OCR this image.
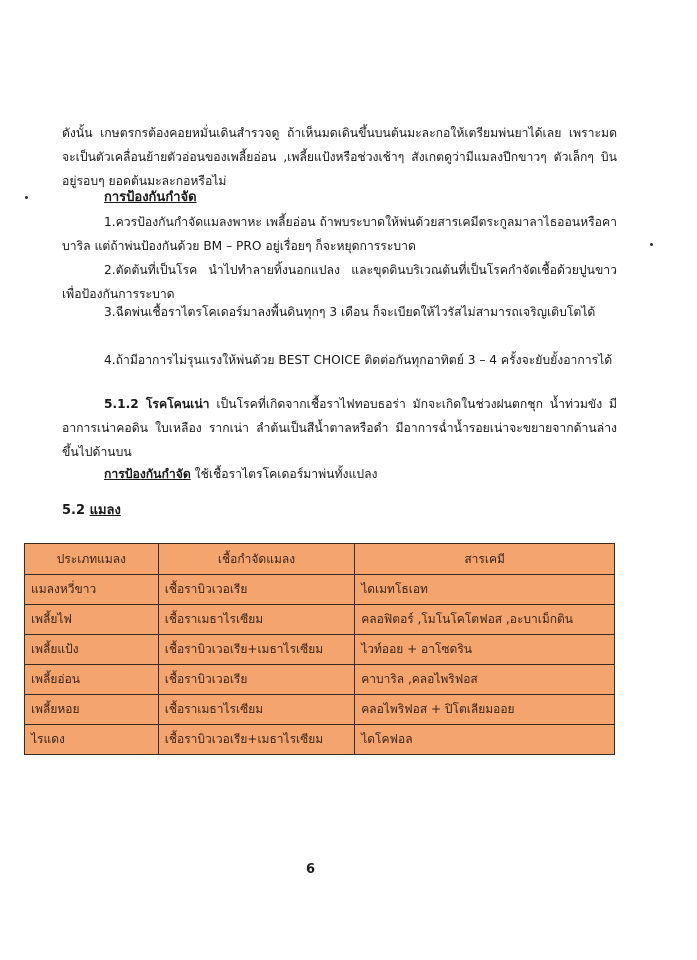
ดังนั้น เกษตรกรต้องคอยหมั่นเดินสำรวจดู ถ้าเห็นมดเดินขึ้นบนต้นมะละกอให้เตรียมพ่นยาได้เลย เพราะมดจะเป็นตัวเคลื่อนย้ายตัวอ่อนของเพลี้ยอ่อน ,เพลี้ยแป้งหรือช่วงเช้าๆ สังเกตดูว่ามีแมลงปีกขาวๆ ตัวเล็กๆ บินอยู่รอบๆ ยอดต้นมะละกอหรือไม่
การป้องกันกำจัด
1.ควรป้องกันกำจัดแมลงพาหะ เพลี้ยอ่อน ถ้าพบระบาดให้พ่นด้วยสารเคมีตระกูลมาลาไธออนหรือคาบาริล แต่ถ้าพ่นป้องกันด้วย BM – PRO อยู่เรื่อยๆ ก็จะหยุดการระบาด
2.ตัดต้นที่เป็นโรค นำไปทำลายทิ้งนอกแปลง และขุดดินบริเวณต้นที่เป็นโรคกำจัดเชื้อด้วยปูนขาว เพื่อป้องกันการระบาด
3.ฉีดพ่นเชื้อราไตรโคเดอร์มาลงพื้นดินทุกๆ 3 เดือน ก็จะเบียดให้ไวรัสไม่สามารถเจริญเติบโตได้
4.ถ้ามีอาการไม่รุนแรงให้พ่นด้วย BEST CHOICE ติดต่อกันทุกอาทิตย์ 3 – 4 ครั้งจะยับยั้งอาการได้
5.1.2 โรคโคนเน่า เป็นโรคที่เกิดจากเชื้อราไฟทอบธอร่า มักจะเกิดในช่วงฝนตกชุก น้ำท่วมขัง มีอาการเน่าคอดิน ใบเหลือง รากเน่า ลำต้นเป็นสีน้ำตาลหรือดำ มีอาการฉ่ำน้ำรอยเน่าจะขยายจากด้านล่างขึ้นไปด้านบน
การป้องกันกำจัด ใช้เชื้อราไตรโคเดอร์มาพ่นทั้งแปลง
5.2 แมลง
ประเภทแมลง	เชื้อกำจัดแมลง	สารเคมี
แมลงหวี่ขาว	เชื้อราบิวเวอเรีย	ไดเมทโธเอท
เพลี้ยไฟ	เชื้อราเมธาไรเซียม	คลอฟิตอร์ ,โมโนโคโตฟอส ,อะบาเม็กติน
เพลี้ยแป้ง	เชื้อราบิวเวอเรีย+เมธาไรเซียม	ไวท์ออย + อาโซดริน
เพลี้ยอ่อน	เชื้อราบิวเวอเรีย	คาบาริล ,คลอไพริฟอส
เพลี้ยหอย	เชื้อราเมธาไรเซียม	คลอไพริฟอส + ปิโตเลียมออย
ไรแดง	เชื้อราบิวเวอเรีย+เมธาไรเซียม	ไดโคฟอล
6
